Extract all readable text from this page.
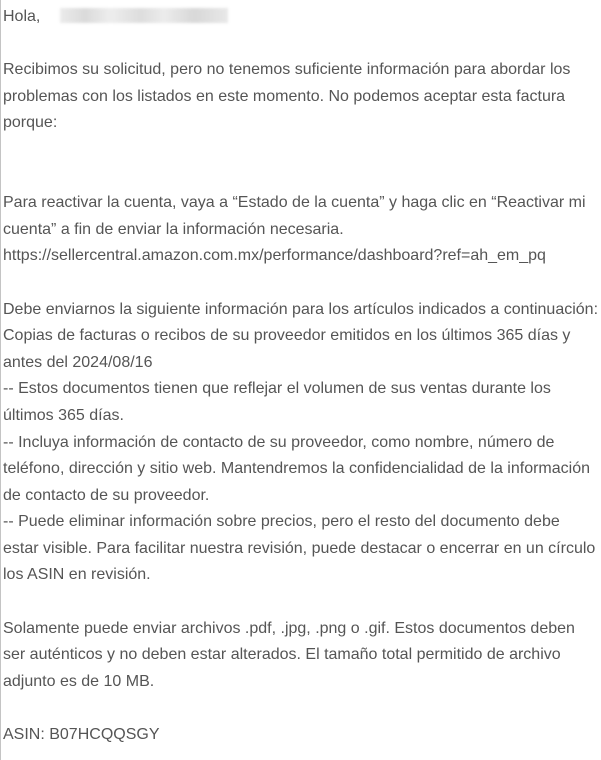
Hola,
Recibimos su solicitud, pero no tenemos suficiente información para abordar los
problemas con los listados en este momento. No podemos aceptar esta factura
porque:
Para reactivar la cuenta, vaya a “Estado de la cuenta” y haga clic en “Reactivar mi
cuenta” a fin de enviar la información necesaria.
https://sellercentral.amazon.com.mx/performance/dashboard?ref=ah_em_pq
Debe enviarnos la siguiente información para los artículos indicados a continuación:
Copias de facturas o recibos de su proveedor emitidos en los últimos 365 días y
antes del 2024/08/16
-- Estos documentos tienen que reflejar el volumen de sus ventas durante los
últimos 365 días.
-- Incluya información de contacto de su proveedor, como nombre, número de
teléfono, dirección y sitio web. Mantendremos la confidencialidad de la información
de contacto de su proveedor.
-- Puede eliminar información sobre precios, pero el resto del documento debe
estar visible. Para facilitar nuestra revisión, puede destacar o encerrar en un círculo
los ASIN en revisión.
Solamente puede enviar archivos .pdf, .jpg, .png o .gif. Estos documentos deben
ser auténticos y no deben estar alterados. El tamaño total permitido de archivo
adjunto es de 10 MB.
ASIN: B07HCQQSGY
